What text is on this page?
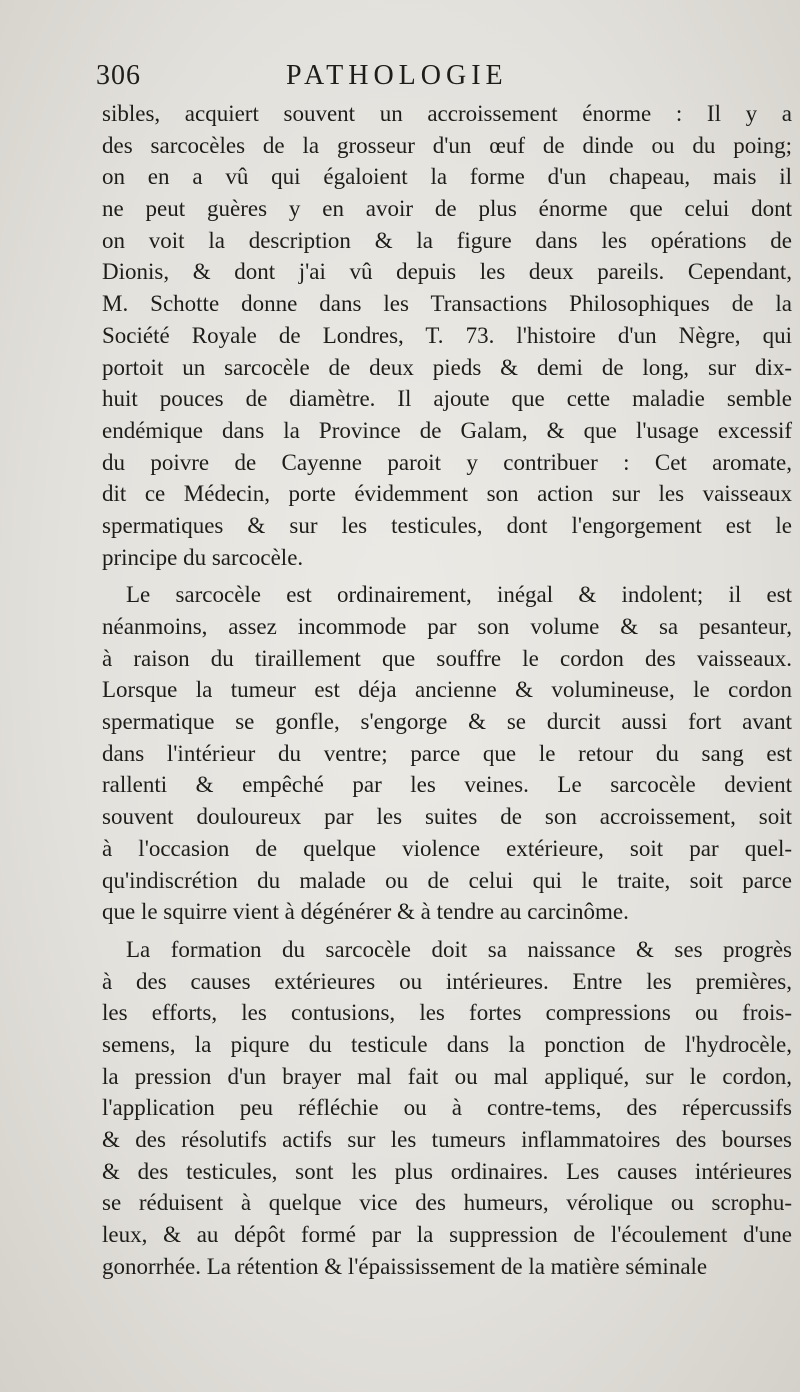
306	PATHOLOGIE
sibles, acquiert souvent un accroissement énorme : Il y a
des sarcocèles de la grosseur d'un œuf de dinde ou du poing;
on en a vû qui égaloient la forme d'un chapeau, mais il
ne peut guères y en avoir de plus énorme que celui dont
on voit la description & la figure dans les opérations de
Dionis, & dont j'ai vû depuis les deux pareils. Cependant,
M. Schotte donne dans les Transactions Philosophiques de la
Société Royale de Londres, T. 73. l'histoire d'un Nègre, qui
portoit un sarcocèle de deux pieds & demi de long, sur dix-
huit pouces de diamètre. Il ajoute que cette maladie semble
endémique dans la Province de Galam, & que l'usage excessif
du poivre de Cayenne paroit y contribuer : Cet aromate,
dit ce Médecin, porte évidemment son action sur les vaisseaux
spermatiques & sur les testicules, dont l'engorgement est le
principe du sarcocèle.
Le sarcocèle est ordinairement, inégal & indolent; il est
néanmoins, assez incommode par son volume & sa pesanteur,
à raison du tiraillement que souffre le cordon des vaisseaux.
Lorsque la tumeur est déja ancienne & volumineuse, le cordon
spermatique se gonfle, s'engorge & se durcit aussi fort avant
dans l'intérieur du ventre; parce que le retour du sang est
rallenti & empêché par les veines. Le sarcocèle devient
souvent douloureux par les suites de son accroissement, soit
à l'occasion de quelque violence extérieure, soit par quel-
qu'indiscrétion du malade ou de celui qui le traite, soit parce
que le squirre vient à dégénérer & à tendre au carcinôme.
La formation du sarcocèle doit sa naissance & ses progrès
à des causes extérieures ou intérieures. Entre les premières,
les efforts, les contusions, les fortes compressions ou frois-
semens, la piqure du testicule dans la ponction de l'hydrocèle,
la pression d'un brayer mal fait ou mal appliqué, sur le cordon,
l'application peu réfléchie ou à contre-tems, des répercussifs
& des résolutifs actifs sur les tumeurs inflammatoires des bourses
& des testicules, sont les plus ordinaires. Les causes intérieures
se réduisent à quelque vice des humeurs, vérolique ou scrophu-
leux, & au dépôt formé par la suppression de l'écoulement d'une
gonorrhée. La rétention & l'épaississement de la matière séminale
